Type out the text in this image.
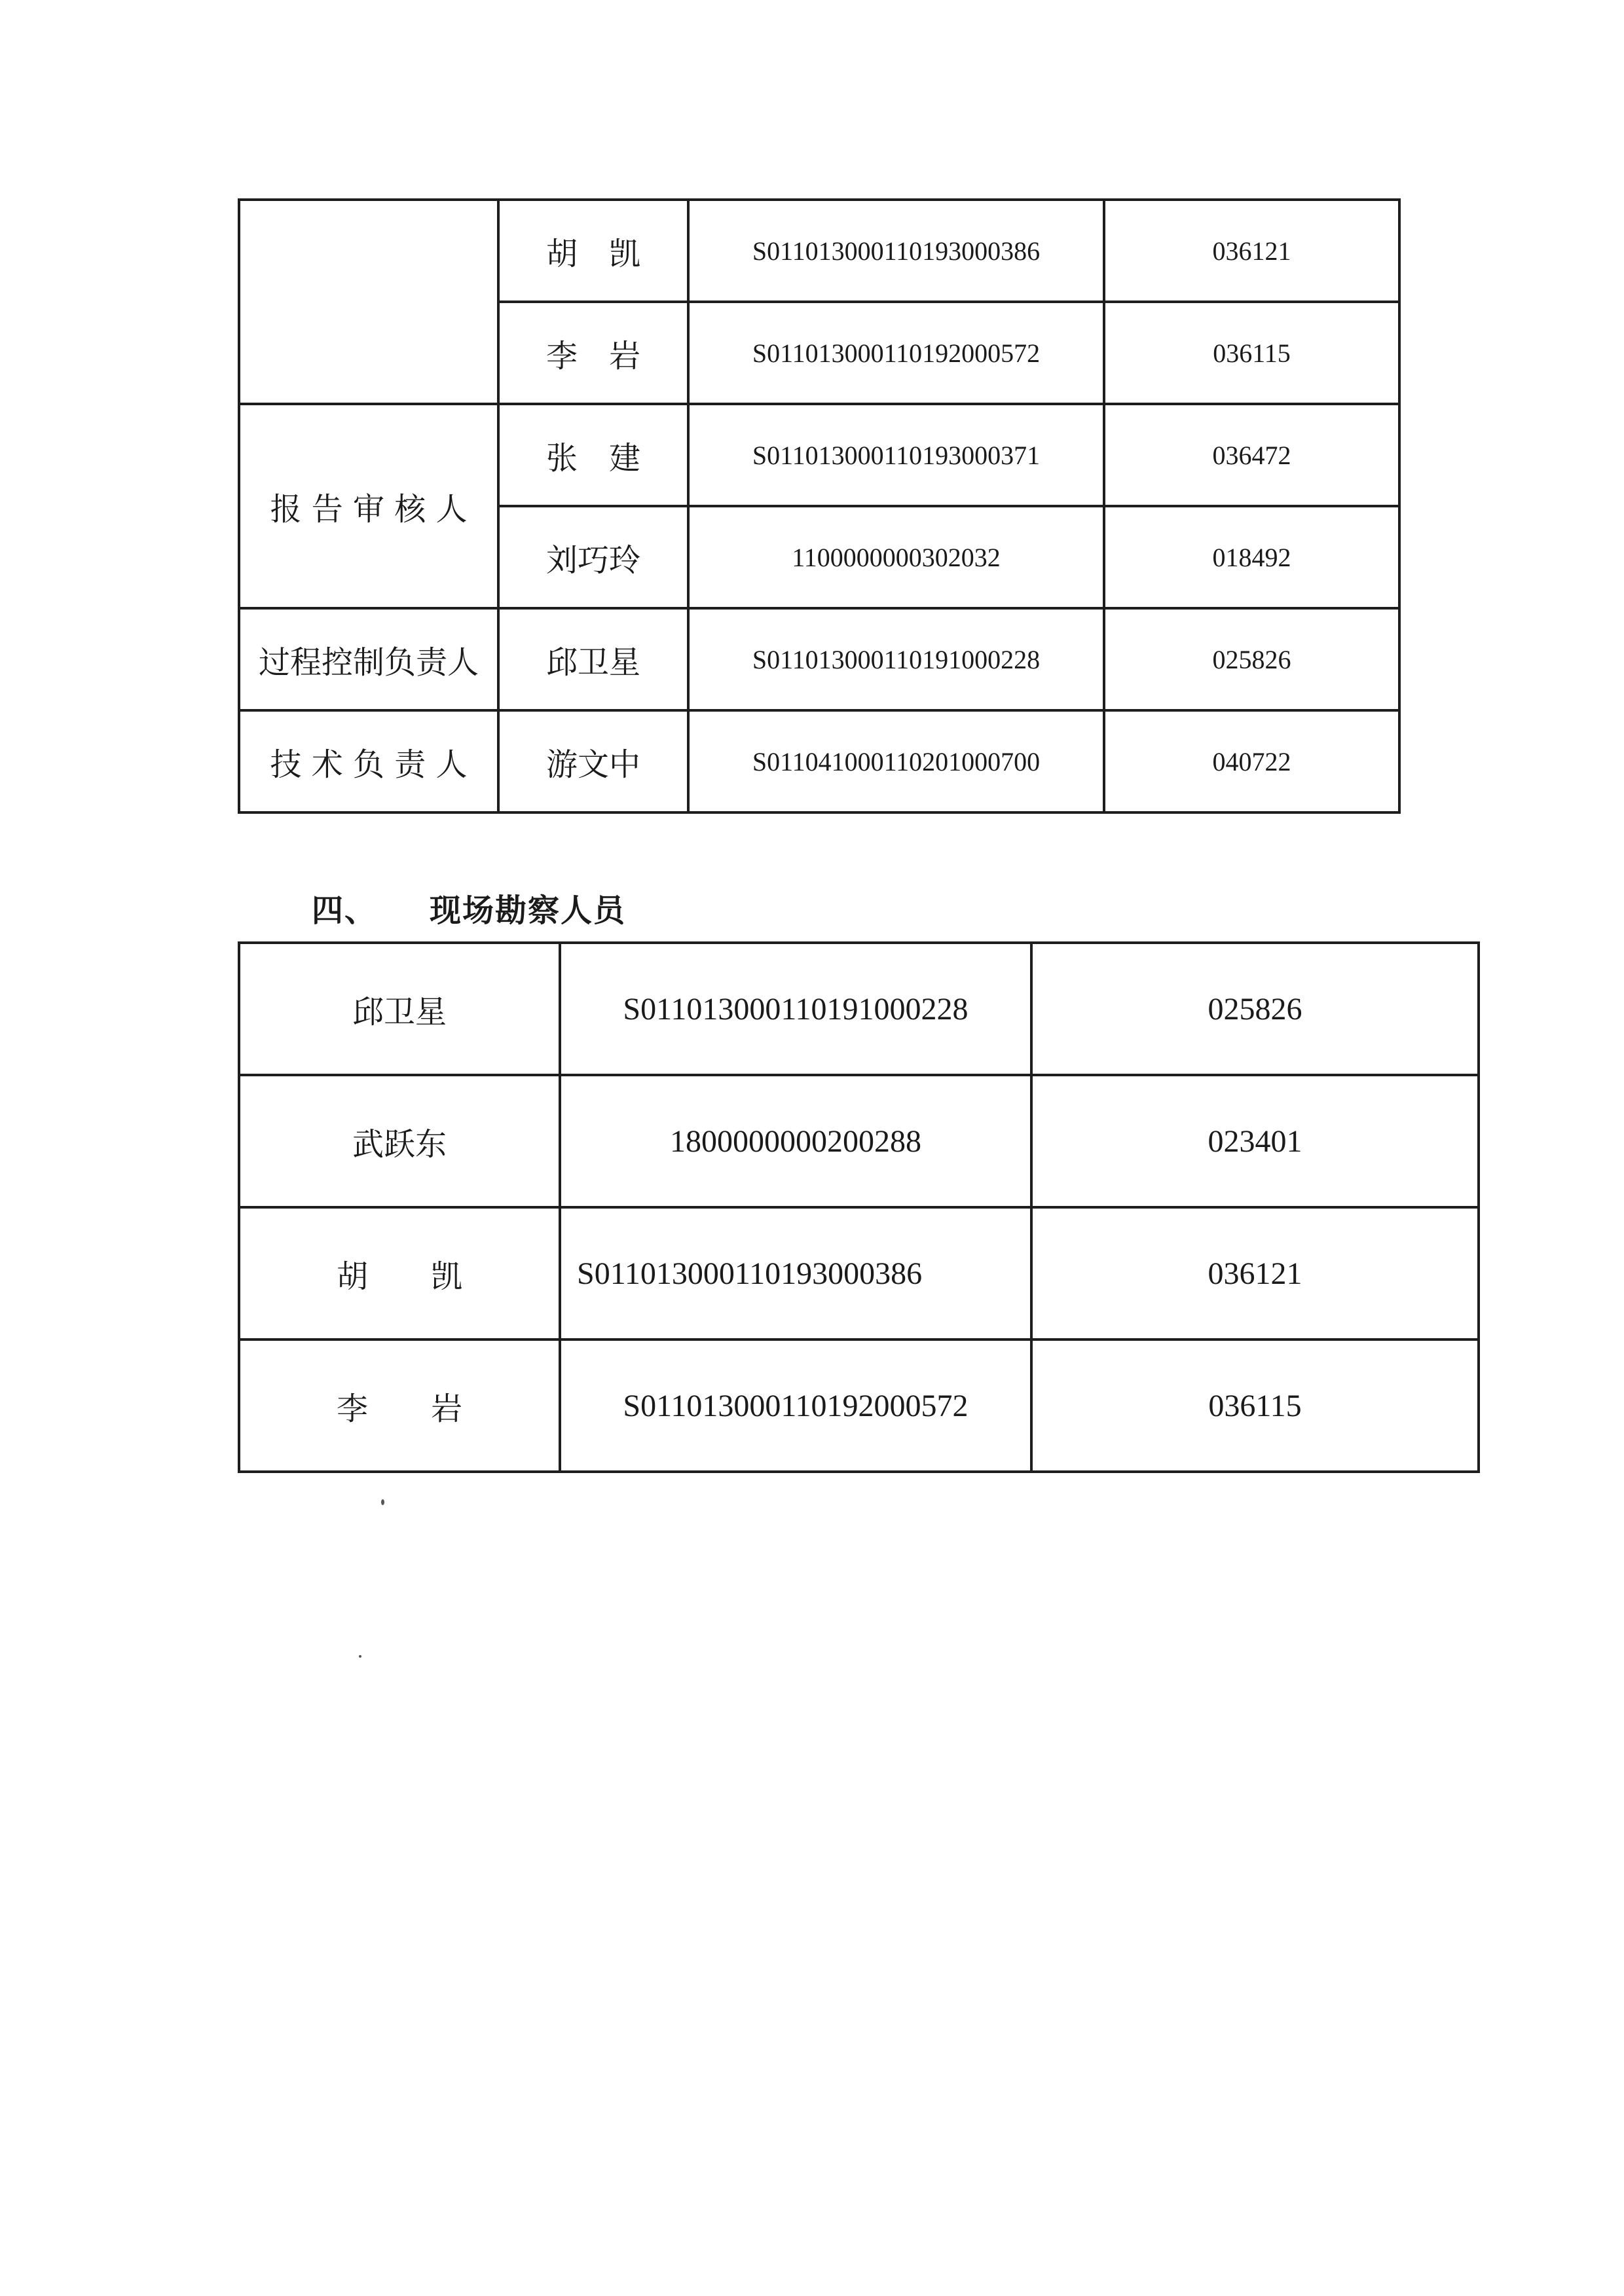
	胡　凯	S011013000110193000386	036121
	李　岩	S011013000110192000572	036115
报 告 审 核 人	张　建	S011013000110193000371	036472
	刘巧玲	1100000000302032	018492
过程控制负责人	邱卫星	S011013000110191000228	025826
技 术 负 责 人	游文中	S011041000110201000700	040722
四、 现场勘察人员
邱卫星	S011013000110191000228	025826
武跃东	1800000000200288	023401
胡　　凯	S011013000110193000386	036121
李　　岩	S011013000110192000572	036115
